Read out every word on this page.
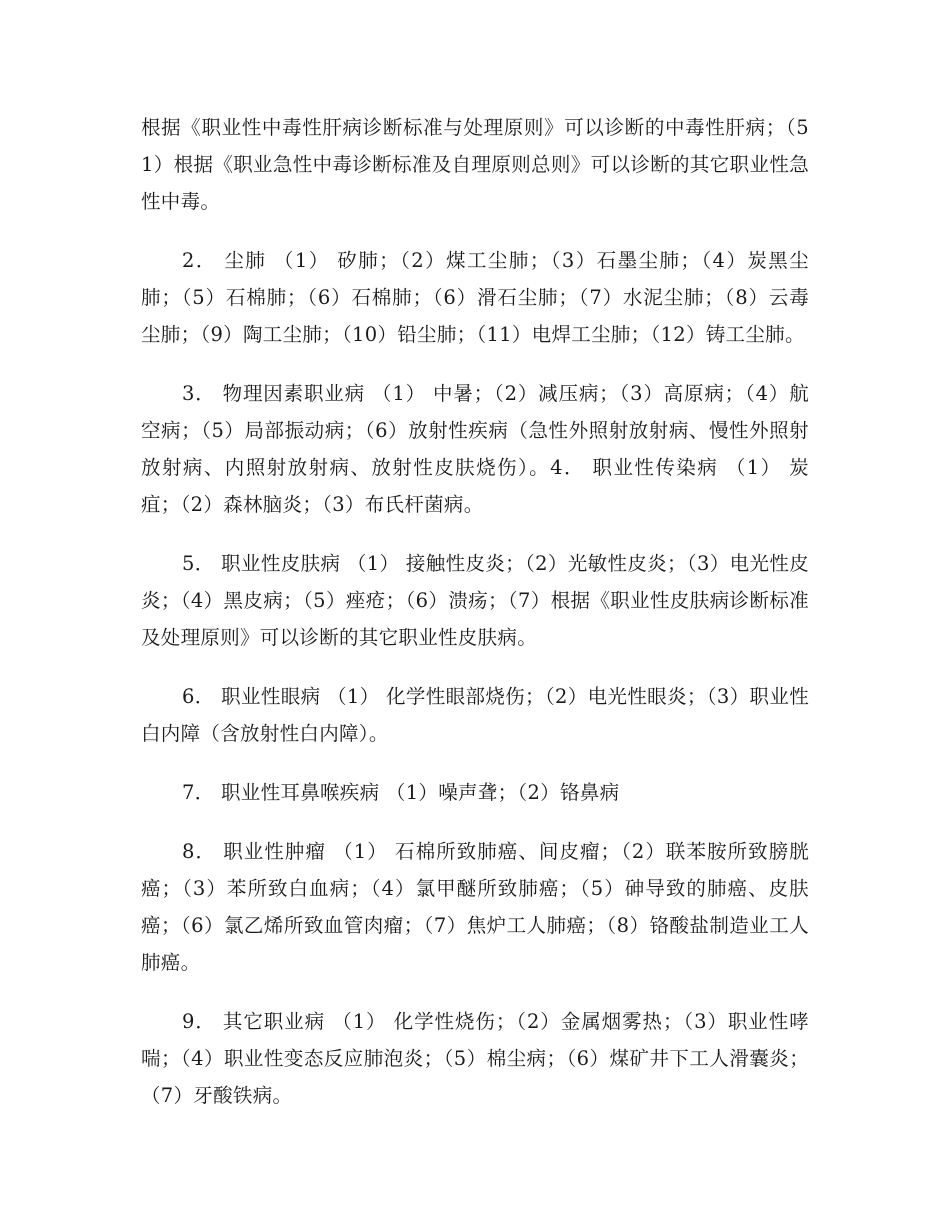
根据《职业性中毒性肝病诊断标准与处理原则》可以诊断的中毒性肝病；（51）根据《职业急性中毒诊断标准及自理原则总则》可以诊断的其它职业性急性中毒。

2． 尘肺 （1） 矽肺；（2）煤工尘肺；（3）石墨尘肺；（4）炭黑尘肺；（5）石棉肺；（6）石棉肺；（6）滑石尘肺；（7）水泥尘肺；（8）云毒尘肺；（9）陶工尘肺；（10）铅尘肺；（11）电焊工尘肺；（12）铸工尘肺。

3． 物理因素职业病 （1） 中暑；（2）减压病；（3）高原病；（4）航空病；（5）局部振动病；（6）放射性疾病（急性外照射放射病、慢性外照射放射病、内照射放射病、放射性皮肤烧伤）。4． 职业性传染病 （1） 炭疽；（2）森林脑炎；（3）布氏杆菌病。

5． 职业性皮肤病 （1） 接触性皮炎；（2）光敏性皮炎；（3）电光性皮炎；（4）黑皮病；（5）痤疮；（6）溃疡；（7）根据《职业性皮肤病诊断标准及处理原则》可以诊断的其它职业性皮肤病。

6． 职业性眼病 （1） 化学性眼部烧伤；（2）电光性眼炎；（3）职业性白内障（含放射性白内障）。

7． 职业性耳鼻喉疾病 （1）噪声聋；（2）铬鼻病

8． 职业性肿瘤 （1） 石棉所致肺癌、间皮瘤；（2）联苯胺所致膀胱癌；（3）苯所致白血病；（4）氯甲醚所致肺癌；（5）砷导致的肺癌、皮肤癌；（6）氯乙烯所致血管肉瘤；（7）焦炉工人肺癌；（8）铬酸盐制造业工人肺癌。

9． 其它职业病 （1） 化学性烧伤；（2）金属烟雾热；（3）职业性哮喘；（4）职业性变态反应肺泡炎；（5）棉尘病；（6）煤矿井下工人滑囊炎；（7）牙酸铁病。
